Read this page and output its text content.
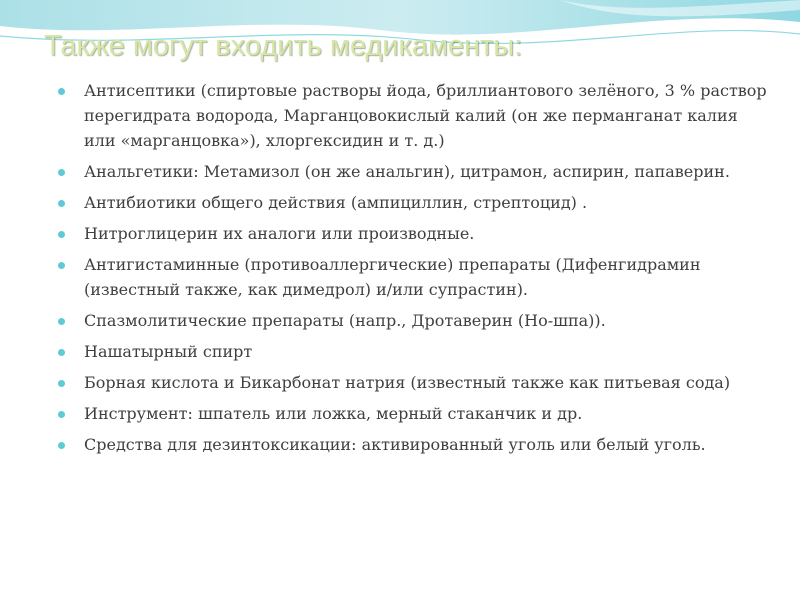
Также могут входить медикаменты:
Антисептики (спиртовые растворы йода, бриллиантового зелёного, 3 % раствор перегидрата водорода, Марганцовокислый калий (он же перманганат калия или «марганцовка»), хлоргексидин и т. д.)
Анальгетики: Метамизол (он же анальгин), цитрамон, аспирин, папаверин.
Антибиотики общего действия (ампициллин, стрептоцид) .
Нитроглицерин их аналоги или производные.
Антигистаминные (противоаллергические) препараты (Дифенгидрамин (известный также, как димедрол) и/или супрастин).
Спазмолитические препараты (напр., Дротаверин (Но-шпа)).
Нашатырный спирт
Борная кислота и Бикарбонат натрия (известный также как питьевая сода)
Инструмент: шпатель или ложка, мерный стаканчик и др.
Средства для дезинтоксикации: активированный уголь или белый уголь.
